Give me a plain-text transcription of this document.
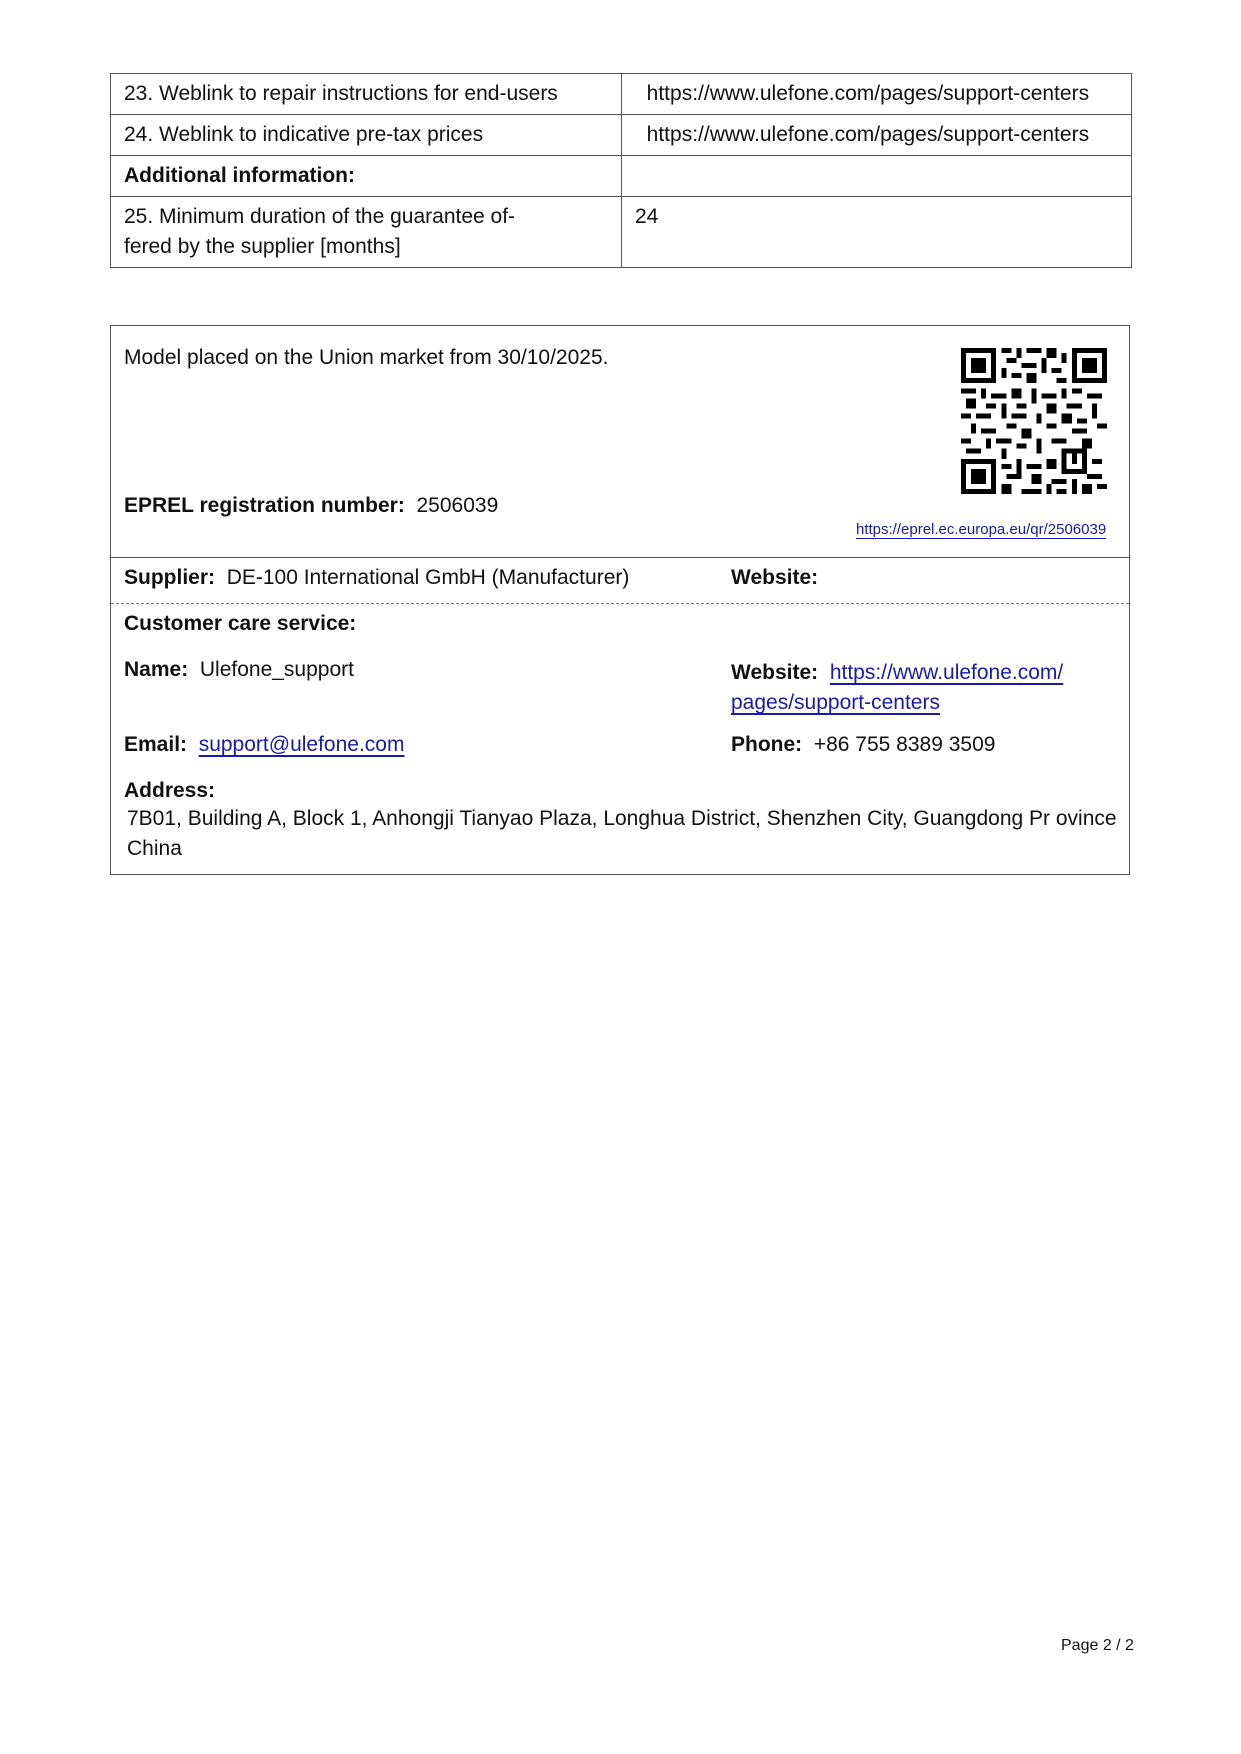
23. Weblink to repair instructions for end-users	https://www.ulefone.com/pages/support-centers
24. Weblink to indicative pre-tax prices	https://www.ulefone.com/pages/support-centers
Additional information:	
25. Minimum duration of the guarantee of-
fered by the supplier [months]	24
Model placed on the Union market from 30/10/2025.
EPREL registration number: 2506039
https://eprel.ec.europa.eu/qr/2506039
Supplier: DE-100 International GmbH (Manufacturer)	Website:
Customer care service:
Name: Ulefone_support	Website: https://www.ulefone.com/
pages/support-centers
Email: support@ulefone.com	Phone: +86 755 8389 3509
Address:
7B01, Building A, Block 1, Anhongji Tianyao Plaza, Longhua District, Shenzhen City, Guangdong Pr ovince China
Page 2 / 2
